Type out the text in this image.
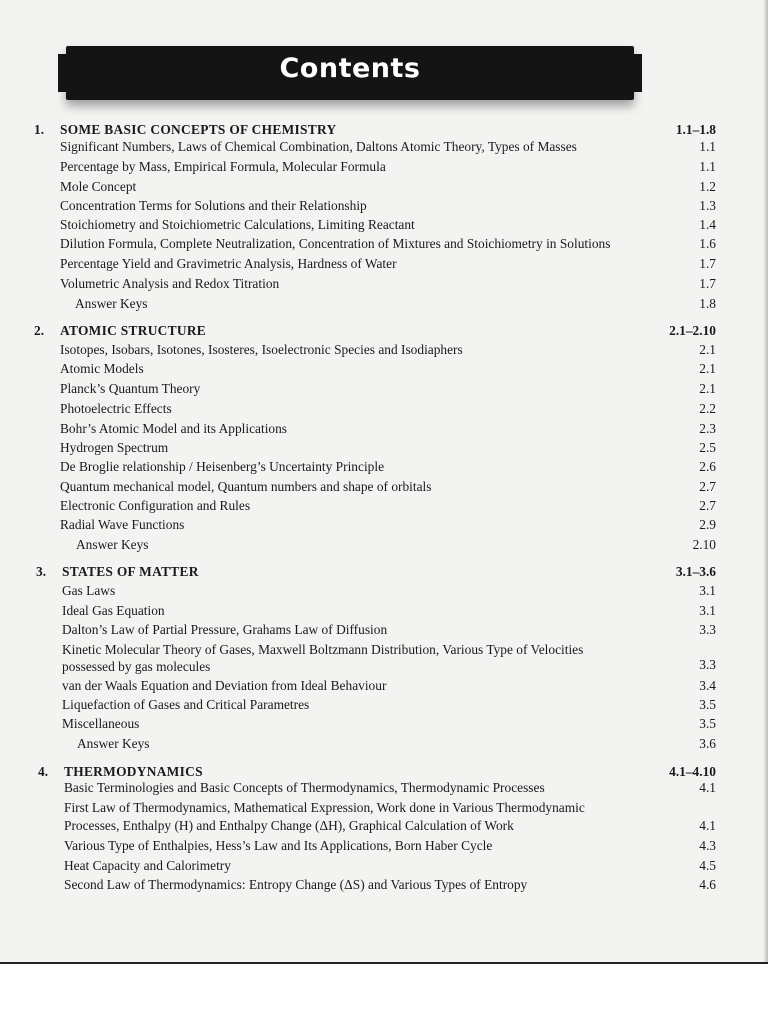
Contents
1. SOME BASIC CONCEPTS OF CHEMISTRY	1.1–1.8
Significant Numbers, Laws of Chemical Combination, Daltons Atomic Theory, Types of Masses	1.1
Percentage by Mass, Empirical Formula, Molecular Formula	1.1
Mole Concept	1.2
Concentration Terms for Solutions and their Relationship	1.3
Stoichiometry and Stoichiometric Calculations, Limiting Reactant	1.4
Dilution Formula, Complete Neutralization, Concentration of Mixtures and Stoichiometry in Solutions	1.6
Percentage Yield and Gravimetric Analysis, Hardness of Water	1.7
Volumetric Analysis and Redox Titration	1.7
Answer Keys	1.8
2. ATOMIC STRUCTURE	2.1–2.10
Isotopes, Isobars, Isotones, Isosteres, Isoelectronic Species and Isodiaphers	2.1
Atomic Models	2.1
Planck’s Quantum Theory	2.1
Photoelectric Effects	2.2
Bohr’s Atomic Model and its Applications	2.3
Hydrogen Spectrum	2.5
De Broglie relationship / Heisenberg’s Uncertainty Principle	2.6
Quantum mechanical model, Quantum numbers and shape of orbitals	2.7
Electronic Configuration and Rules	2.7
Radial Wave Functions	2.9
Answer Keys	2.10
3. STATES OF MATTER	3.1–3.6
Gas Laws	3.1
Ideal Gas Equation	3.1
Dalton’s Law of Partial Pressure, Grahams Law of Diffusion	3.3
Kinetic Molecular Theory of Gases, Maxwell Boltzmann Distribution, Various Type of Velocities
possessed by gas molecules	3.3
van der Waals Equation and Deviation from Ideal Behaviour	3.4
Liquefaction of Gases and Critical Parametres	3.5
Miscellaneous	3.5
Answer Keys	3.6
4. THERMODYNAMICS	4.1–4.10
Basic Terminologies and Basic Concepts of Thermodynamics, Thermodynamic Processes	4.1
First Law of Thermodynamics, Mathematical Expression, Work done in Various Thermodynamic
Processes, Enthalpy (H) and Enthalpy Change (ΔH), Graphical Calculation of Work	4.1
Various Type of Enthalpies, Hess’s Law and Its Applications, Born Haber Cycle	4.3
Heat Capacity and Calorimetry	4.5
Second Law of Thermodynamics: Entropy Change (ΔS) and Various Types of Entropy	4.6
